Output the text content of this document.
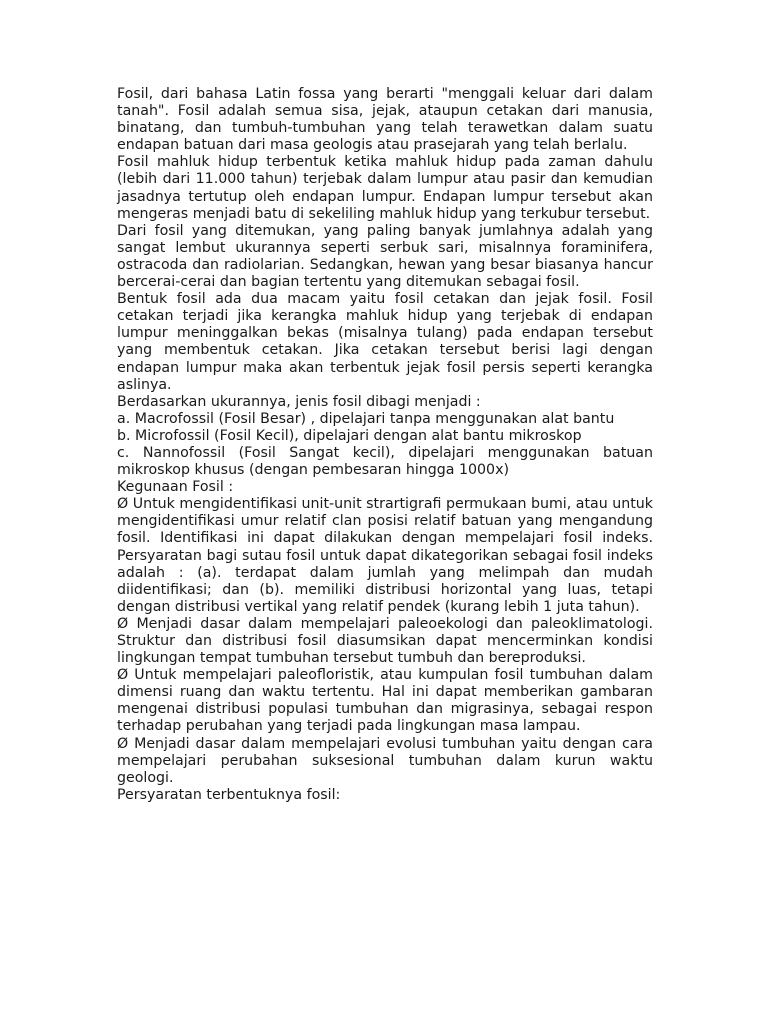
Fosil, dari bahasa Latin fossa yang berarti "menggali keluar dari dalam tanah". Fosil adalah semua sisa, jejak, ataupun cetakan dari manusia, binatang, dan tumbuh-tumbuhan yang telah terawetkan dalam suatu endapan batuan dari masa geologis atau prasejarah yang telah berlalu.

Fosil mahluk hidup terbentuk ketika mahluk hidup pada zaman dahulu (lebih dari 11.000 tahun) terjebak dalam lumpur atau pasir dan kemudian jasadnya tertutup oleh endapan lumpur. Endapan lumpur tersebut akan mengeras menjadi batu di sekeliling mahluk hidup yang terkubur tersebut.

Dari fosil yang ditemukan, yang paling banyak jumlahnya adalah yang sangat lembut ukurannya seperti serbuk sari, misalnnya foraminifera, ostracoda dan radiolarian. Sedangkan, hewan yang besar biasanya hancur bercerai-cerai dan bagian tertentu yang ditemukan sebagai fosil.

Bentuk fosil ada dua macam yaitu fosil cetakan dan jejak fosil. Fosil cetakan terjadi jika kerangka mahluk hidup yang terjebak di endapan lumpur meninggalkan bekas (misalnya tulang) pada endapan tersebut yang membentuk cetakan. Jika cetakan tersebut berisi lagi dengan endapan lumpur maka akan terbentuk jejak fosil persis seperti kerangka aslinya.

Berdasarkan ukurannya, jenis fosil dibagi menjadi :

a. Macrofossil (Fosil Besar) , dipelajari tanpa menggunakan alat bantu

b. Microfossil (Fosil Kecil), dipelajari dengan alat bantu mikroskop

c. Nannofossil (Fosil Sangat kecil), dipelajari menggunakan batuan mikroskop khusus (dengan pembesaran hingga 1000x)

Kegunaan Fosil :

Ø Untuk mengidentifikasi unit-unit strartigrafi permukaan bumi, atau untuk mengidentifikasi umur relatif clan posisi relatif batuan yang mengandung fosil. Identifikasi ini dapat dilakukan dengan mempelajari fosil indeks. Persyaratan bagi sutau fosil untuk dapat dikategorikan sebagai fosil indeks adalah : (a). terdapat dalam jumlah yang melimpah dan mudah diidentifikasi; dan (b). memiliki distribusi horizontal yang luas, tetapi dengan distribusi vertikal yang relatif pendek (kurang lebih 1 juta tahun).

Ø Menjadi dasar dalam mempelajari paleoekologi dan paleoklimatologi. Struktur dan distribusi fosil diasumsikan dapat mencerminkan kondisi lingkungan tempat tumbuhan tersebut tumbuh dan bereproduksi.

Ø Untuk mempelajari paleofloristik, atau kumpulan fosil tumbuhan dalam dimensi ruang dan waktu tertentu. Hal ini dapat memberikan gambaran mengenai distribusi populasi tumbuhan dan migrasinya, sebagai respon terhadap perubahan yang terjadi pada lingkungan masa lampau.

Ø Menjadi dasar dalam mempelajari evolusi tumbuhan yaitu dengan cara mempelajari perubahan suksesional tumbuhan dalam kurun waktu geologi.

Persyaratan terbentuknya fosil:
